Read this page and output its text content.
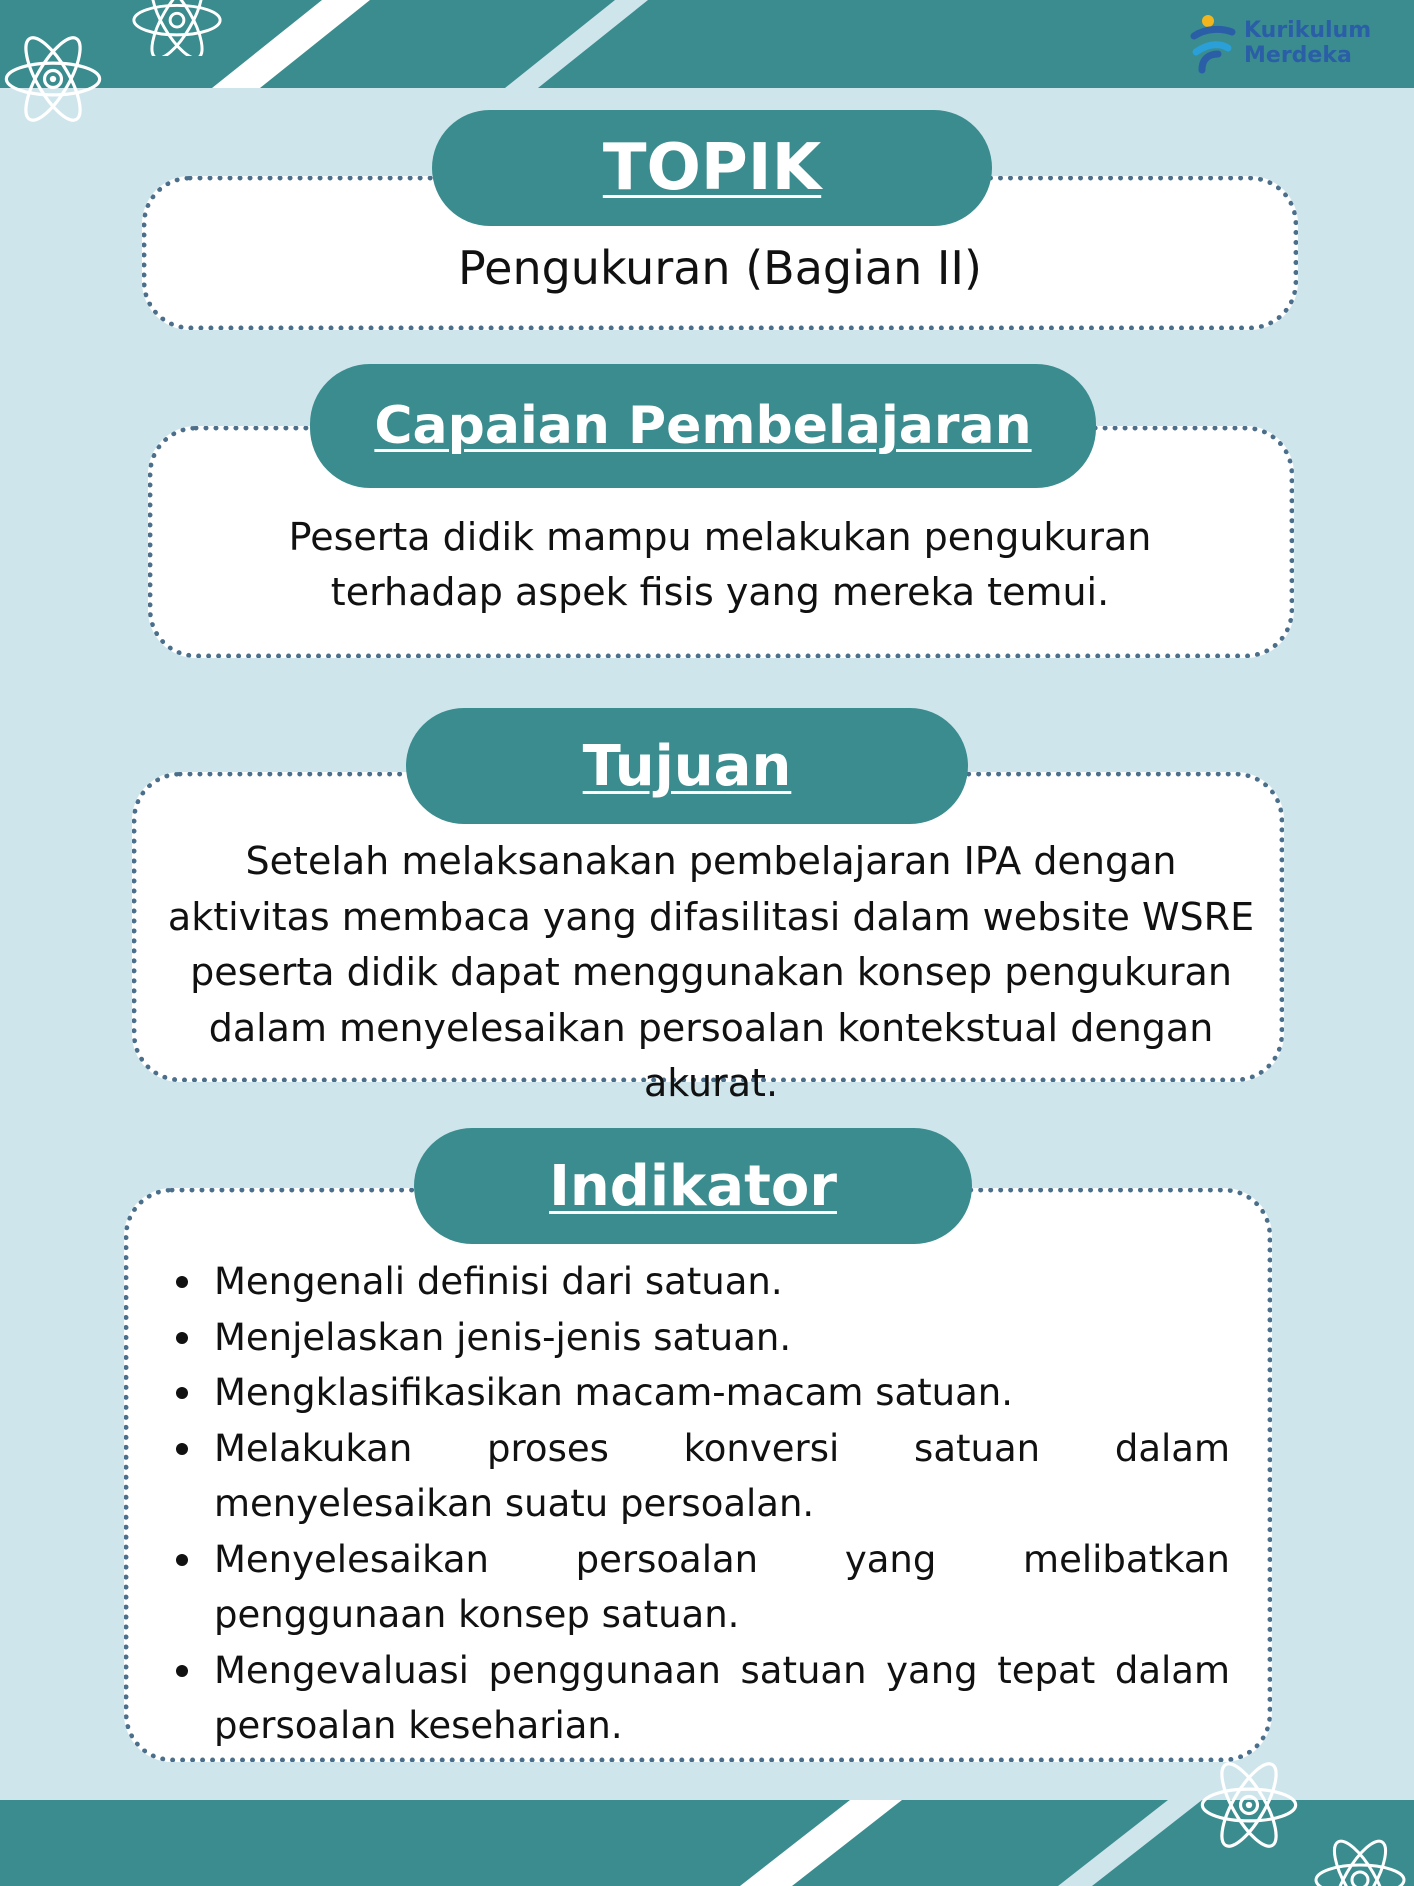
Kurikulum
Merdeka
TOPIK
Pengukuran (Bagian II)
Capaian Pembelajaran
Peserta didik mampu melakukan pengukuran terhadap aspek fisis yang mereka temui.
Tujuan
Setelah melaksanakan pembelajaran IPA dengan aktivitas membaca yang difasilitasi dalam website WSRE peserta didik dapat menggunakan konsep pengukuran dalam menyelesaikan persoalan kontekstual dengan akurat.
Indikator
Mengenali definisi dari satuan.
Menjelaskan jenis-jenis satuan.
Mengklasifikasikan macam-macam satuan.
Melakukan proses konversi satuan dalam menyelesaikan suatu persoalan.
Menyelesaikan persoalan yang melibatkan penggunaan konsep satuan.
Mengevaluasi penggunaan satuan yang tepat dalam persoalan keseharian.
